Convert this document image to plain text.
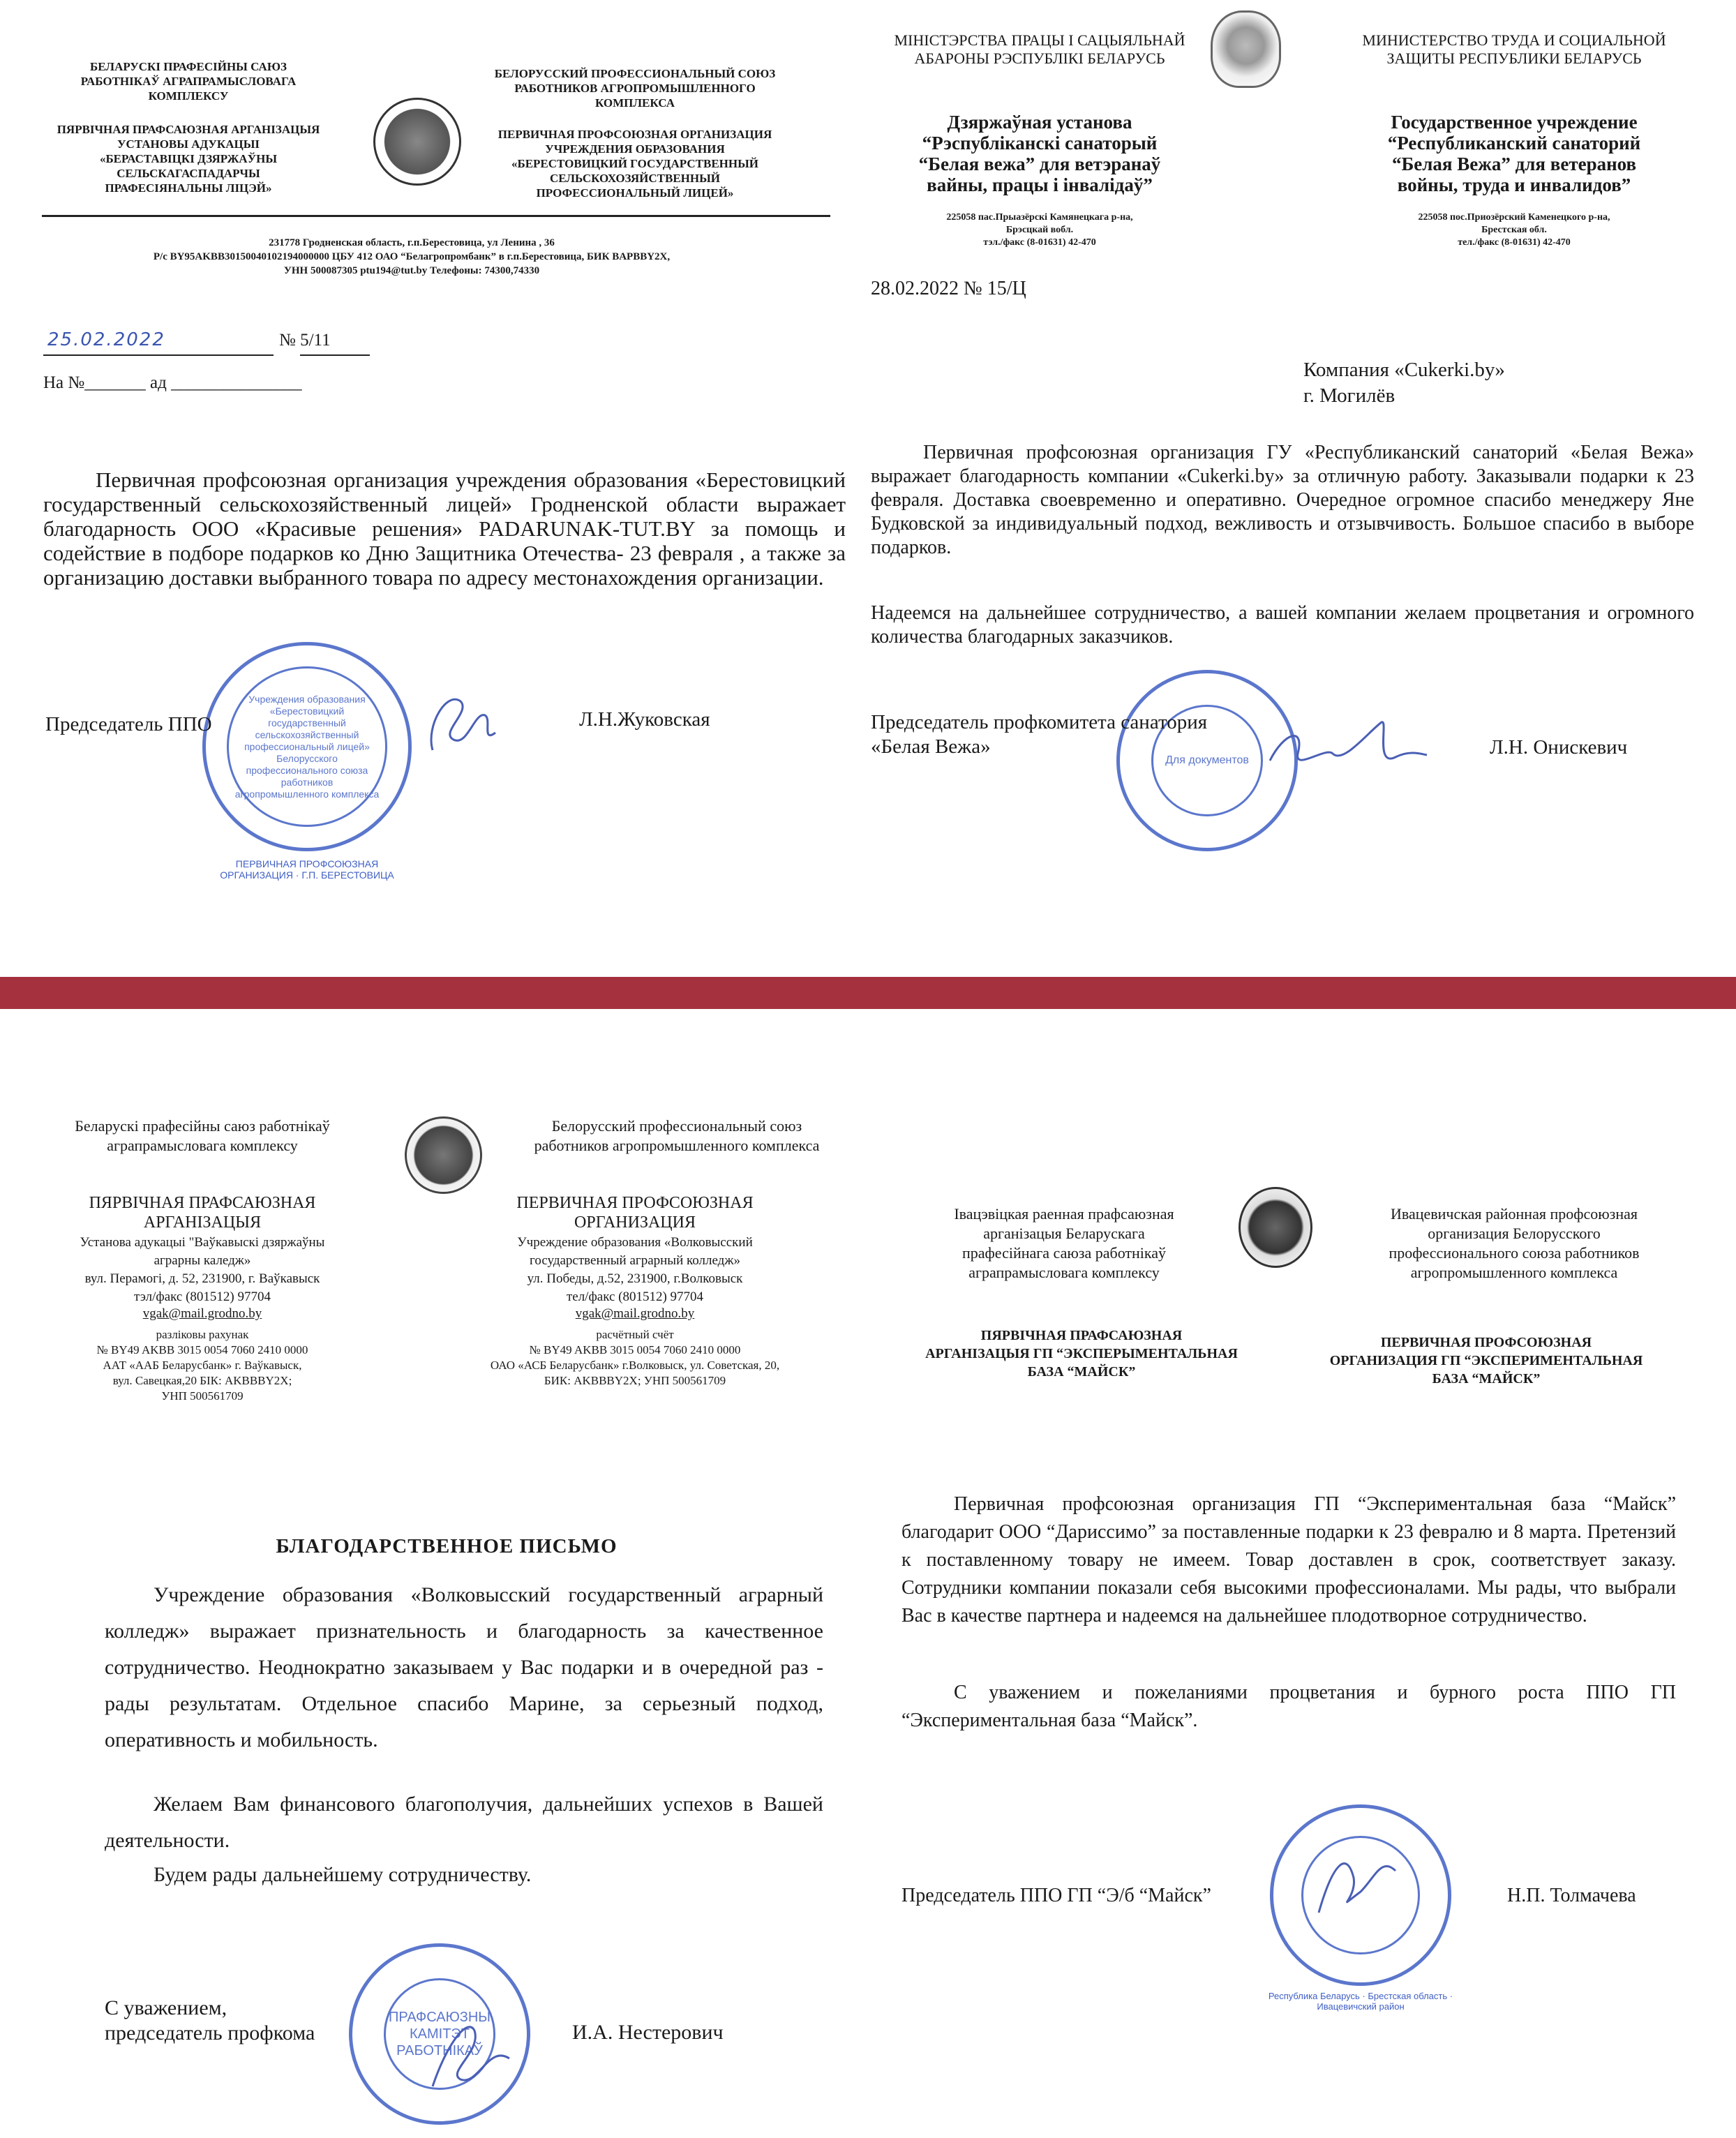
БЕЛАРУСКІ ПРАФЕСІЙНЫ САЮЗ
РАБОТНІКАЎ АГРАПРАМЫСЛОВАГА
КОМПЛЕКСУ
ПЯРВІЧНАЯ ПРАФСАЮЗНАЯ АРГАНІЗАЦЫЯ
УСТАНОВЫ АДУКАЦЫІ
«БЕРАСТАВІЦКІ ДЗЯРЖАЎНЫ
СЕЛЬСКАГАСПАДАРЧЫ
ПРАФЕСІЯНАЛЬНЫ ЛІЦЭЙ»
БЕЛОРУССКИЙ ПРОФЕССИОНАЛЬНЫЙ СОЮЗ
РАБОТНИКОВ АГРОПРОМЫШЛЕННОГО
КОМПЛЕКСА
ПЕРВИЧНАЯ ПРОФСОЮЗНАЯ ОРГАНИЗАЦИЯ
УЧРЕЖДЕНИЯ ОБРАЗОВАНИЯ
«БЕРЕСТОВИЦКИЙ ГОСУДАРСТВЕННЫЙ
СЕЛЬСКОХОЗЯЙСТВЕННЫЙ
ПРОФЕССИОНАЛЬНЫЙ ЛИЦЕЙ»
231778 Гродненская область, г.п.Берестовица, ул Ленина , 36
Р/с BY95AKBB30150040102194000000 ЦБУ 412 ОАО “Белагропромбанк” в г.п.Берестовица, БИК BAPBBY2X,
УНН 500087305 ptu194@tut.by Телефоны: 74300,74330
25.02.2022	№ 5/11
На №_______ ад _______________
Первичная профсоюзная организация учреждения образования «Берестовицкий государственный сельскохозяйственный лицей» Гродненской области выражает благодарность ООО «Красивые решения» PADARUNAK-TUT.BY за помощь и содействие в подборе подарков ко Дню Защитника Отечества- 23 февраля , а также за организацию доставки выбранного товара по адресу местонахождения организации.
Учреждения образования «Берестовицкий государственный сельскохозяйственный профессиональный лицей» Белорусского профессионального союза работников агропромышленного комплекса
ПЕРВИЧНАЯ ПРОФСОЮЗНАЯ ОРГАНИЗАЦИЯ · Г.П. БЕРЕСТОВИЦА
Председатель ППО	Л.Н.Жуковская
МІНІСТЭРСТВА ПРАЦЫ І САЦЫЯЛЬНАЙ
АБАРОНЫ РЭСПУБЛІКІ БЕЛАРУСЬ
МИНИСТЕРСТВО ТРУДА И СОЦИАЛЬНОЙ
ЗАЩИТЫ РЕСПУБЛИКИ БЕЛАРУСЬ
Дзяржаўная установа
“Рэспубліканскі санаторый
“Белая вежа” для ветэранаў
вайны, працы і інвалідаў”
Государственное учреждение
“Республиканский санаторий
“Белая Вежа” для ветеранов
войны, труда и инвалидов”
225058 пас.Прыазёрскі Камянецкага р-на,
Брэсцкай вобл.
тэл./факс (8-01631) 42-470
225058 пос.Приозёрский Каменецкого р-на,
Брестская обл.
тел./факс (8-01631) 42-470
28.02.2022 № 15/Ц
Компания «Cukerki.by»
г. Могилёв
Первичная профсоюзная организация ГУ «Республиканский санаторий «Белая Вежа» выражает благодарность компании «Cukerki.by» за отличную работу. Заказывали подарки к 23 февраля. Доставка своевременно и оперативно. Очередное огромное спасибо менеджеру Яне Будковской за индивидуальный подход, вежливость и отзывчивость. Большое спасибо в выборе подарков.
Надеемся на дальнейшее сотрудничество, а вашей компании желаем процветания и огромного количества благодарных заказчиков.
Для документов
Председатель профкомитета санатория
«Белая Вежа»	Л.Н. Онискевич
Беларускі прафесійны саюз работнікаў
аграпрамысловага комплексу
Белорусский профессиональный союз
работников агропромышленного комплекса
ПЯРВІЧНАЯ ПРАФСАЮЗНАЯ
АРГАНІЗАЦЫЯ
Установа адукацыі "Ваўкавыскі дзяржаўны
аграрны каледж»
вул. Перамогі, д. 52, 231900, г. Ваўкавыск
тэл/факс (801512) 97704
vgak@mail.grodno.by
разліковы рахунак
№ BY49 AKBB 3015 0054 7060 2410 0000
ААТ «ААБ Беларусбанк» г. Ваўкавыск,
вул. Савецкая,20 БІК: AKBBBY2X;
УНП 500561709
ПЕРВИЧНАЯ ПРОФСОЮЗНАЯ
ОРГАНИЗАЦИЯ
Учреждение образования «Волковысский
государственный аграрный колледж»
ул. Победы, д.52, 231900, г.Волковыск
тел/факс (801512) 97704
vgak@mail.grodno.by
расчётный счёт
№ BY49 AKBB 3015 0054 7060 2410 0000
ОАО «АСБ Беларусбанк» г.Волковыск, ул. Советская, 20,
БИК: AKBBBY2X; УНП 500561709
БЛАГОДАРСТВЕННОЕ ПИСЬМО
Учреждение образования «Волковысский государственный аграрный колледж» выражает признательность и благодарность за качественное сотрудничество. Неоднократно заказываем у Вас подарки и в очередной раз - рады результатам. Отдельное спасибо Марине, за серьезный подход, оперативность и мобильность.
Желаем Вам финансового благополучия, дальнейших успехов в Вашей деятельности.
Будем рады дальнейшему сотрудничеству.
ПРАФСАЮЗНЫ
КАМІТЭТ
РАБОТНІКАЎ
С уважением,
председатель профкома	И.А. Нестерович
Івацэвіцкая раенная прафсаюзная
арганізацыя Беларускага
прафесійнага саюза работнікаў
аграпрамысловага комплексу
Ивацевичская районная профсоюзная
организация Белорусского
профессионального союза работников
агропромышленного комплекса
ПЯРВІЧНАЯ ПРАФСАЮЗНАЯ
АРГАНІЗАЦЫЯ ГП “ЭКСПЕРЫМЕНТАЛЬНАЯ
БАЗА “МАЙСК”
ПЕРВИЧНАЯ ПРОФСОЮЗНАЯ
ОРГАНИЗАЦИЯ ГП “ЭКСПЕРИМЕНТАЛЬНАЯ
БАЗА “МАЙСК”
Первичная профсоюзная организация ГП “Экспериментальная база “Майск” благодарит ООО “Дариссимо” за поставленные подарки к 23 февралю и 8 марта. Претензий к поставленному товару не имеем. Товар доставлен в срок, соответствует заказу. Сотрудники компании показали себя высокими профессионалами. Мы рады, что выбрали Вас в качестве партнера и надеемся на дальнейшее плодотворное сотрудничество.
С уважением и пожеланиями процветания и бурного роста ППО ГП “Экспериментальная база “Майск”.
Республика Беларусь · Брестская область · Ивацевичский район
Председатель ППО ГП “Э/б “Майск”	Н.П. Толмачева
